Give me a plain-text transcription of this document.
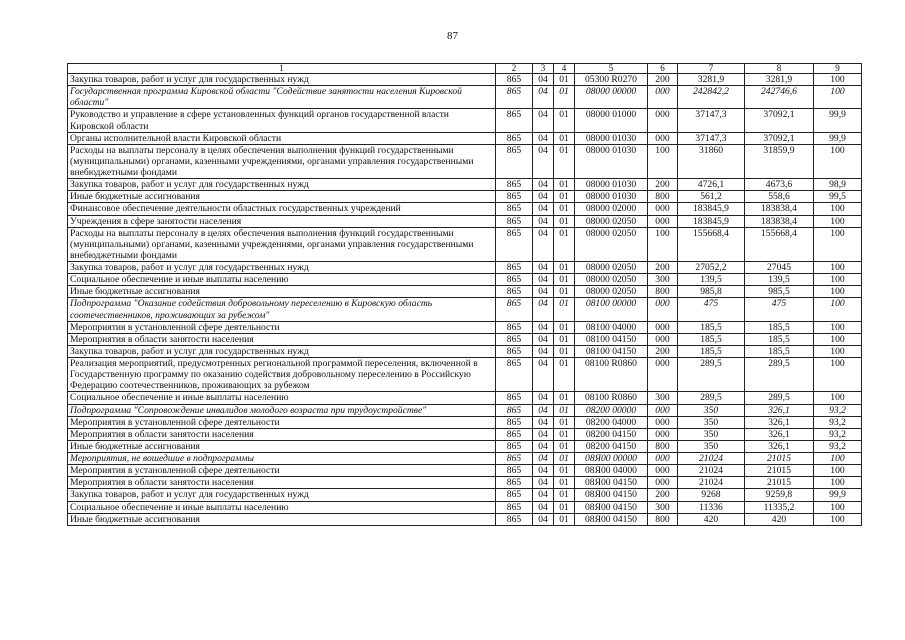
87
1	2	3	4	5	6	7	8	9
Закупка товаров, работ и услуг для государственных нужд	865	04	01	05300 R0270	200	3281,9	3281,9	100
Государственная программа Кировской области "Содействие занятости населения Кировской области"	865	04	01	08000 00000	000	242842,2	242746,6	100
Руководство и управление в сфере установленных функций органов государственной власти Кировской области	865	04	01	08000 01000	000	37147,3	37092,1	99,9
Органы исполнительной власти Кировской области	865	04	01	08000 01030	000	37147,3	37092,1	99,9
Расходы на выплаты персоналу в целях обеспечения выполнения функций государственными (муниципальными) органами, казенными учреждениями, органами управления государственными внебюджетными фондами	865	04	01	08000 01030	100	31860	31859,9	100
Закупка товаров, работ и услуг для государственных нужд	865	04	01	08000 01030	200	4726,1	4673,6	98,9
Иные бюджетные ассигнования	865	04	01	08000 01030	800	561,2	558,6	99,5
Финансовое обеспечение деятельности областных государственных учреждений	865	04	01	08000 02000	000	183845,9	183838,4	100
Учреждения в сфере занятости населения	865	04	01	08000 02050	000	183845,9	183838,4	100
Расходы на выплаты персоналу в целях обеспечения выполнения функций государственными (муниципальными) органами, казенными учреждениями, органами управления государственными внебюджетными фондами	865	04	01	08000 02050	100	155668,4	155668,4	100
Закупка товаров, работ и услуг для государственных нужд	865	04	01	08000 02050	200	27052,2	27045	100
Социальное обеспечение и иные выплаты населению	865	04	01	08000 02050	300	139,5	139,5	100
Иные бюджетные ассигнования	865	04	01	08000 02050	800	985,8	985,5	100
Подпрограмма "Оказание содействия добровольному переселению в Кировскую область соотечественников, проживающих за рубежом"	865	04	01	08100 00000	000	475	475	100
Мероприятия в установленной сфере деятельности	865	04	01	08100 04000	000	185,5	185,5	100
Мероприятия в области занятости населения	865	04	01	08100 04150	000	185,5	185,5	100
Закупка товаров, работ и услуг для государственных нужд	865	04	01	08100 04150	200	185,5	185,5	100
Реализация мероприятий, предусмотренных региональной программой переселения, включенной в Государственную программу по оказанию содействия добровольному переселению в Российскую Федерацию соотечественников, проживающих за рубежом	865	04	01	08100 R0860	000	289,5	289,5	100
Социальное обеспечение и иные выплаты населению	865	04	01	08100 R0860	300	289,5	289,5	100
Подпрограмма "Сопровождение инвалидов молодого возраста при трудоустройстве"	865	04	01	08200 00000	000	350	326,1	93,2
Мероприятия в установленной сфере деятельности	865	04	01	08200 04000	000	350	326,1	93,2
Мероприятия в области занятости населения	865	04	01	08200 04150	000	350	326,1	93,2
Иные бюджетные ассигнования	865	04	01	08200 04150	800	350	326,1	93,2
Мероприятия, не вошедшие в подпрограммы	865	04	01	08Я00 00000	000	21024	21015	100
Мероприятия в установленной сфере деятельности	865	04	01	08Я00 04000	000	21024	21015	100
Мероприятия в области занятости населения	865	04	01	08Я00 04150	000	21024	21015	100
Закупка товаров, работ и услуг для государственных нужд	865	04	01	08Я00 04150	200	9268	9259,8	99,9
Социальное обеспечение и иные выплаты населению	865	04	01	08Я00 04150	300	11336	11335,2	100
Иные бюджетные ассигнования	865	04	01	08Я00 04150	800	420	420	100
